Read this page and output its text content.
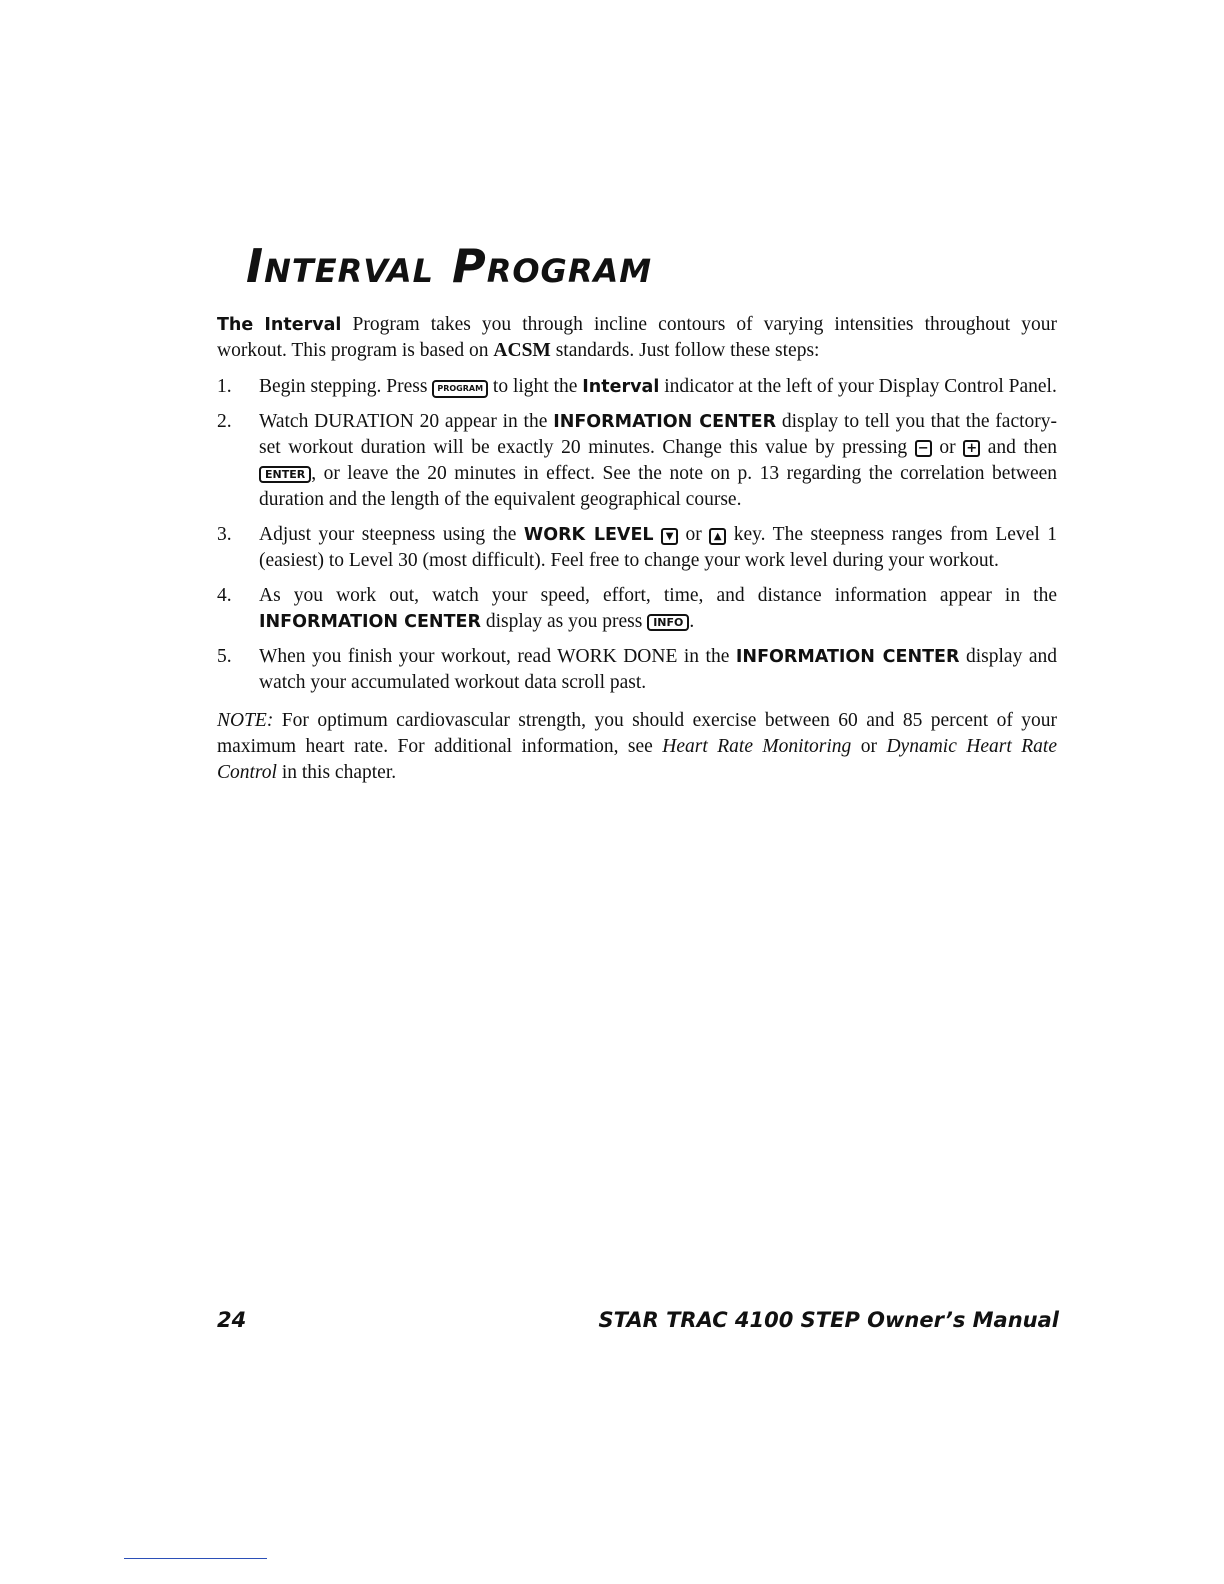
INTERVAL PROGRAM

The Interval Program takes you through incline contours of varying intensities throughout your workout. This program is based on ACSM standards. Just follow these steps:

1. Begin stepping. Press PROGRAM to light the Interval indicator at the left of your Display Control Panel.
2. Watch DURATION 20 appear in the INFORMATION CENTER display to tell you that the factory-set workout duration will be exactly 20 minutes. Change this value by pressing − or + and then ENTER , or leave the 20 minutes in effect. See the note on p. 13 regarding the correlation between duration and the length of the equivalent geographical course.
3. Adjust your steepness using the WORK LEVEL ▼ or ▲ key. The steepness ranges from Level 1 (easiest) to Level 30 (most difficult). Feel free to change your work level during your workout.
4. As you work out, watch your speed, effort, time, and distance information appear in the INFORMATION CENTER display as you press INFO .
5. When you finish your workout, read WORK DONE in the INFORMATION CENTER display and watch your accumulated workout data scroll past.

NOTE: For optimum cardiovascular strength, you should exercise between 60 and 85 percent of your maximum heart rate. For additional information, see Heart Rate Monitoring or Dynamic Heart Rate Control in this chapter.

24	STAR TRAC 4100 STEP Owner’s Manual
